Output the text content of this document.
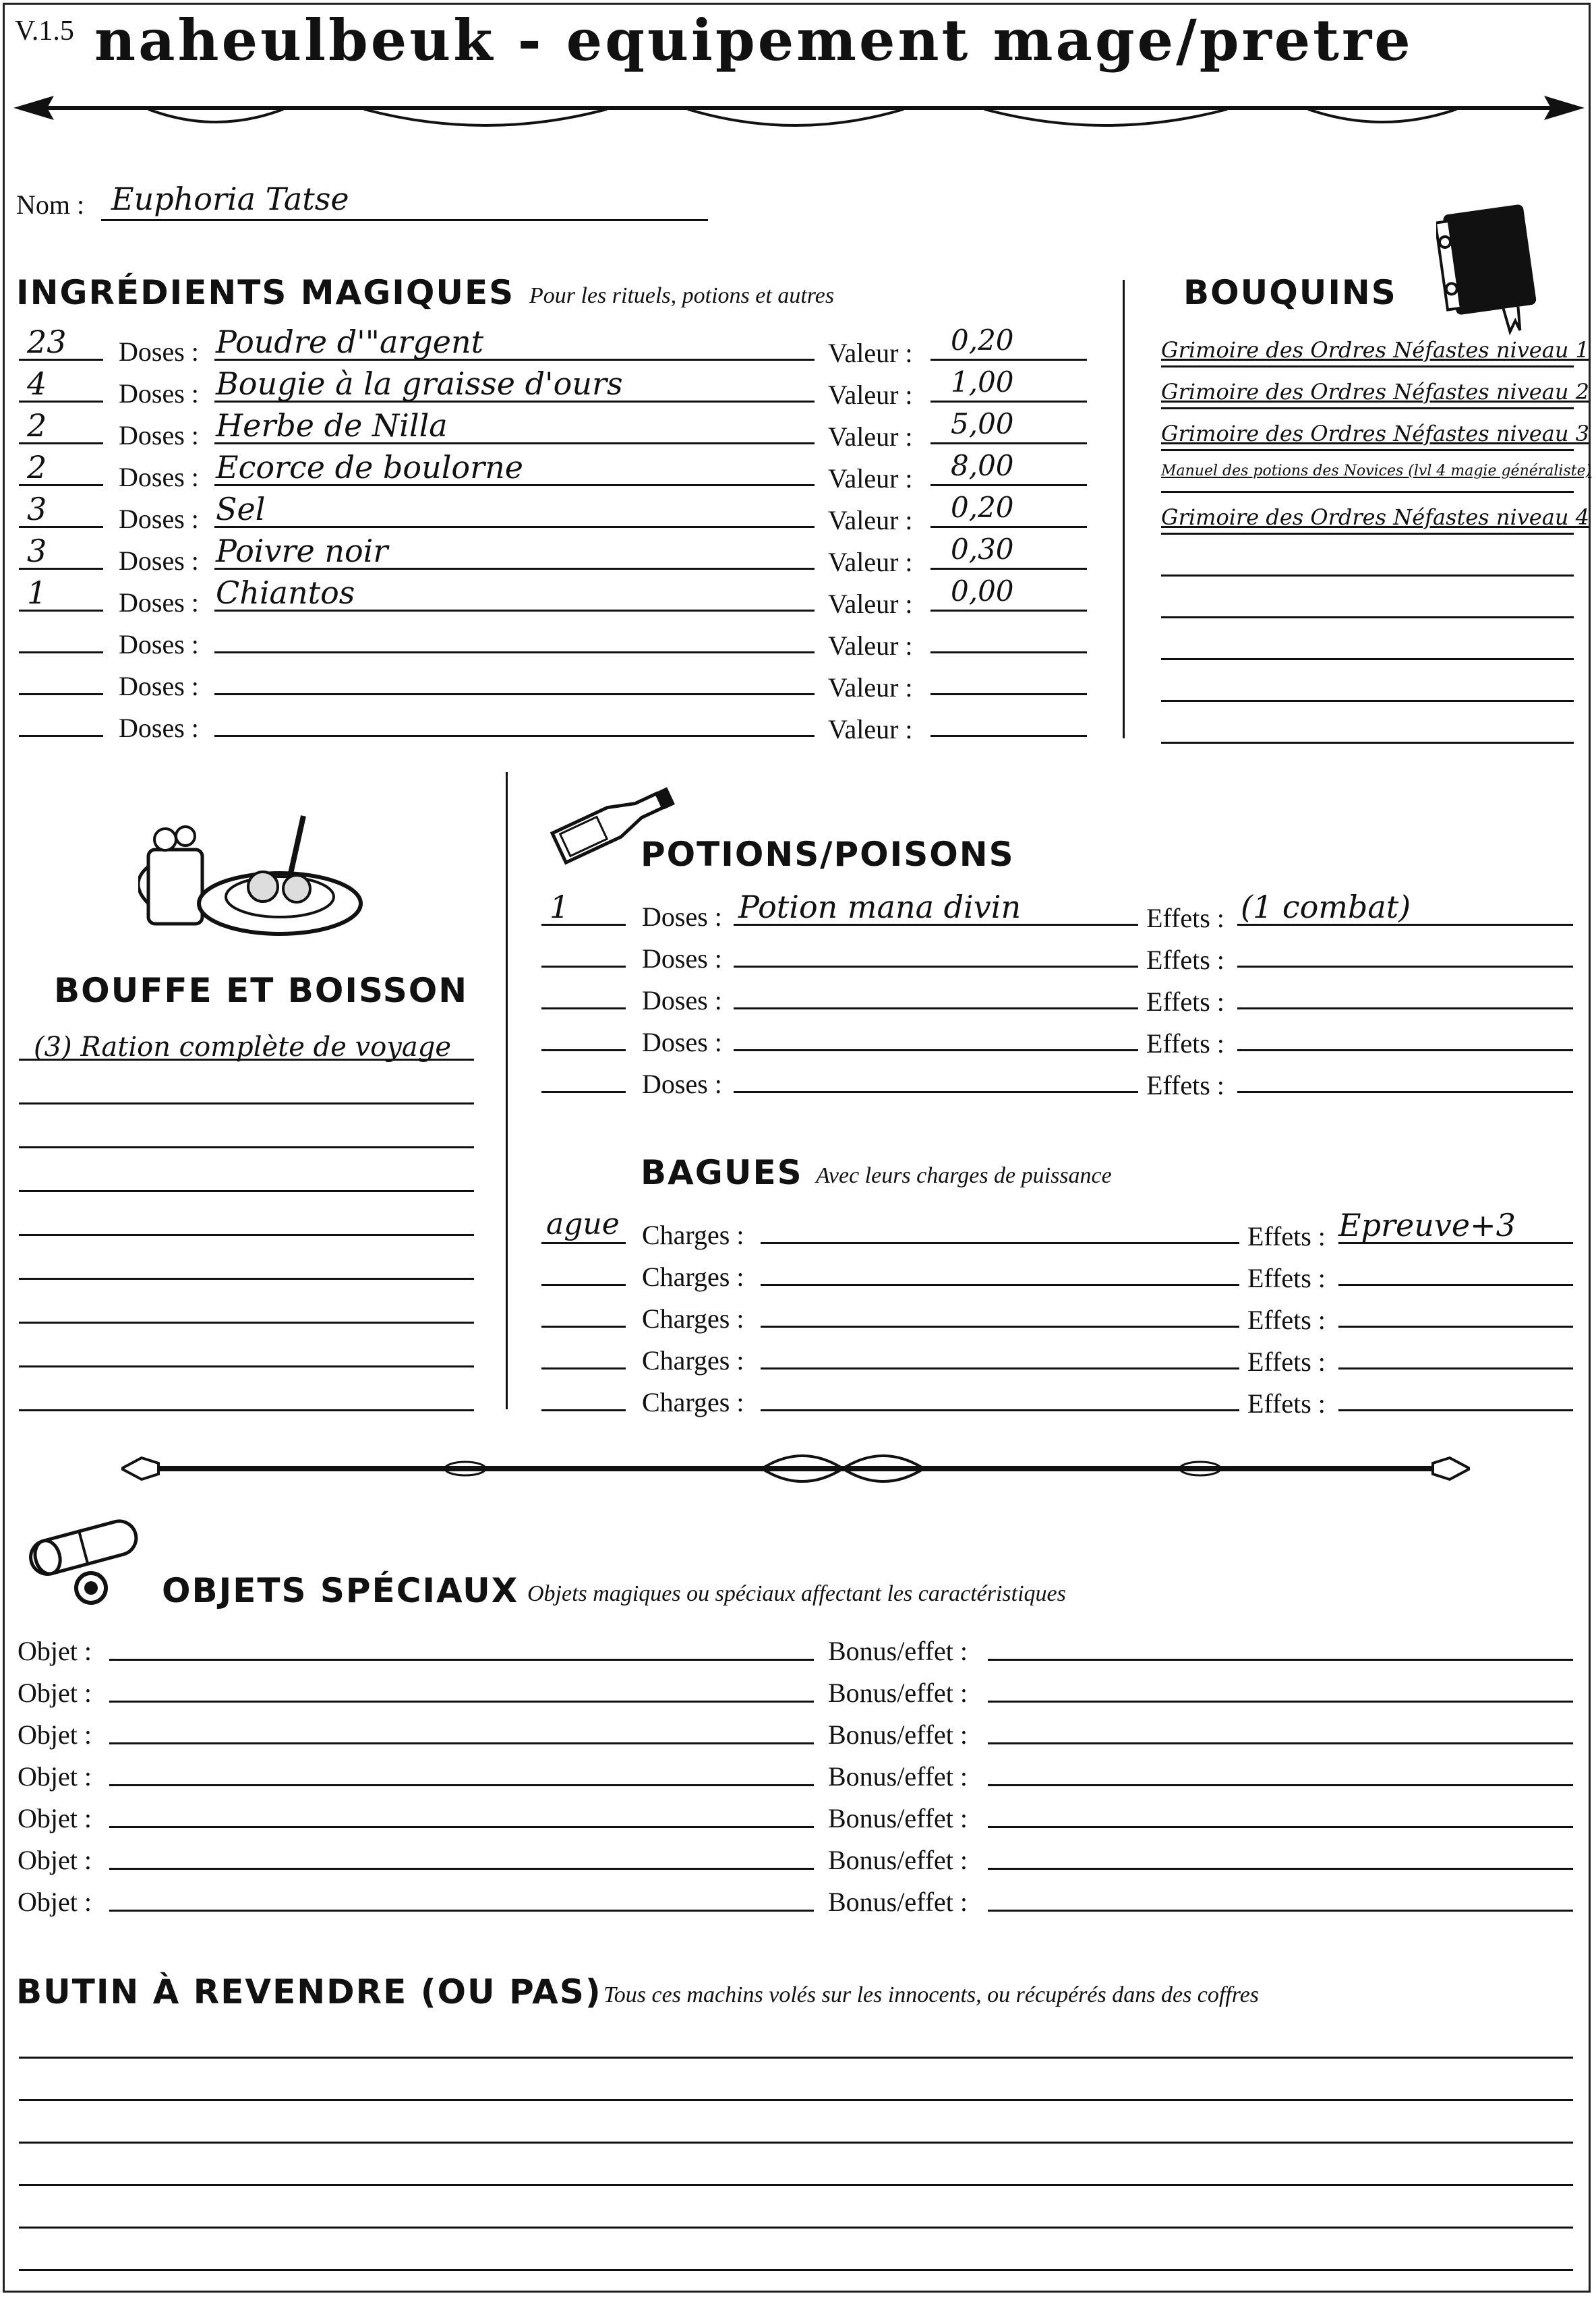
V.1.5 naheulbeuk - equipement mage/pretre
Nom : Euphoria Tatse
INGRÉDIENTS MAGIQUES Pour les rituels, potions et autres
23 Doses : Poudre d'"argent	Valeur : 0,20
4	Doses : Bougie à la graisse d'ours	Valeur : 1,00
2	Doses : Herbe de Nilla	Valeur : 5,00
2	Doses : Ecorce de boulorne	Valeur : 8,00
3	Doses : Sel	Valeur : 0,20
3	Doses : Poivre noir	Valeur : 0,30
1	Doses : Chiantos	Valeur : 0,00
Doses :	Valeur :
Doses :	Valeur :
Doses :	Valeur :
BOUQUINS
Grimoire des Ordres Néfastes niveau 1
Grimoire des Ordres Néfastes niveau 2
Grimoire des Ordres Néfastes niveau 3
Manuel des potions des Novices (lvl 4 magie généraliste)
Grimoire des Ordres Néfastes niveau 4
BOUFFE ET BOISSON
(3) Ration complète de voyage
POTIONS/POISONS
1	Doses : Potion mana divin	Effets : (1 combat)
Doses :	Effets :
Doses :	Effets :
Doses :	Effets :
Doses :	Effets :
BAGUES Avec leurs charges de puissance
ague Charges :	Effets : Epreuve+3
Charges :	Effets :
Charges :	Effets :
Charges :	Effets :
Charges :	Effets :
OBJETS SPÉCIAUX Objets magiques ou spéciaux affectant les caractéristiques
Objet :	Bonus/effet :
Objet :	Bonus/effet :
Objet :	Bonus/effet :
Objet :	Bonus/effet :
Objet :	Bonus/effet :
Objet :	Bonus/effet :
Objet :	Bonus/effet :
BUTIN À REVENDRE (OU PAS) Tous ces machins volés sur les innocents, ou récupérés dans des coffres
